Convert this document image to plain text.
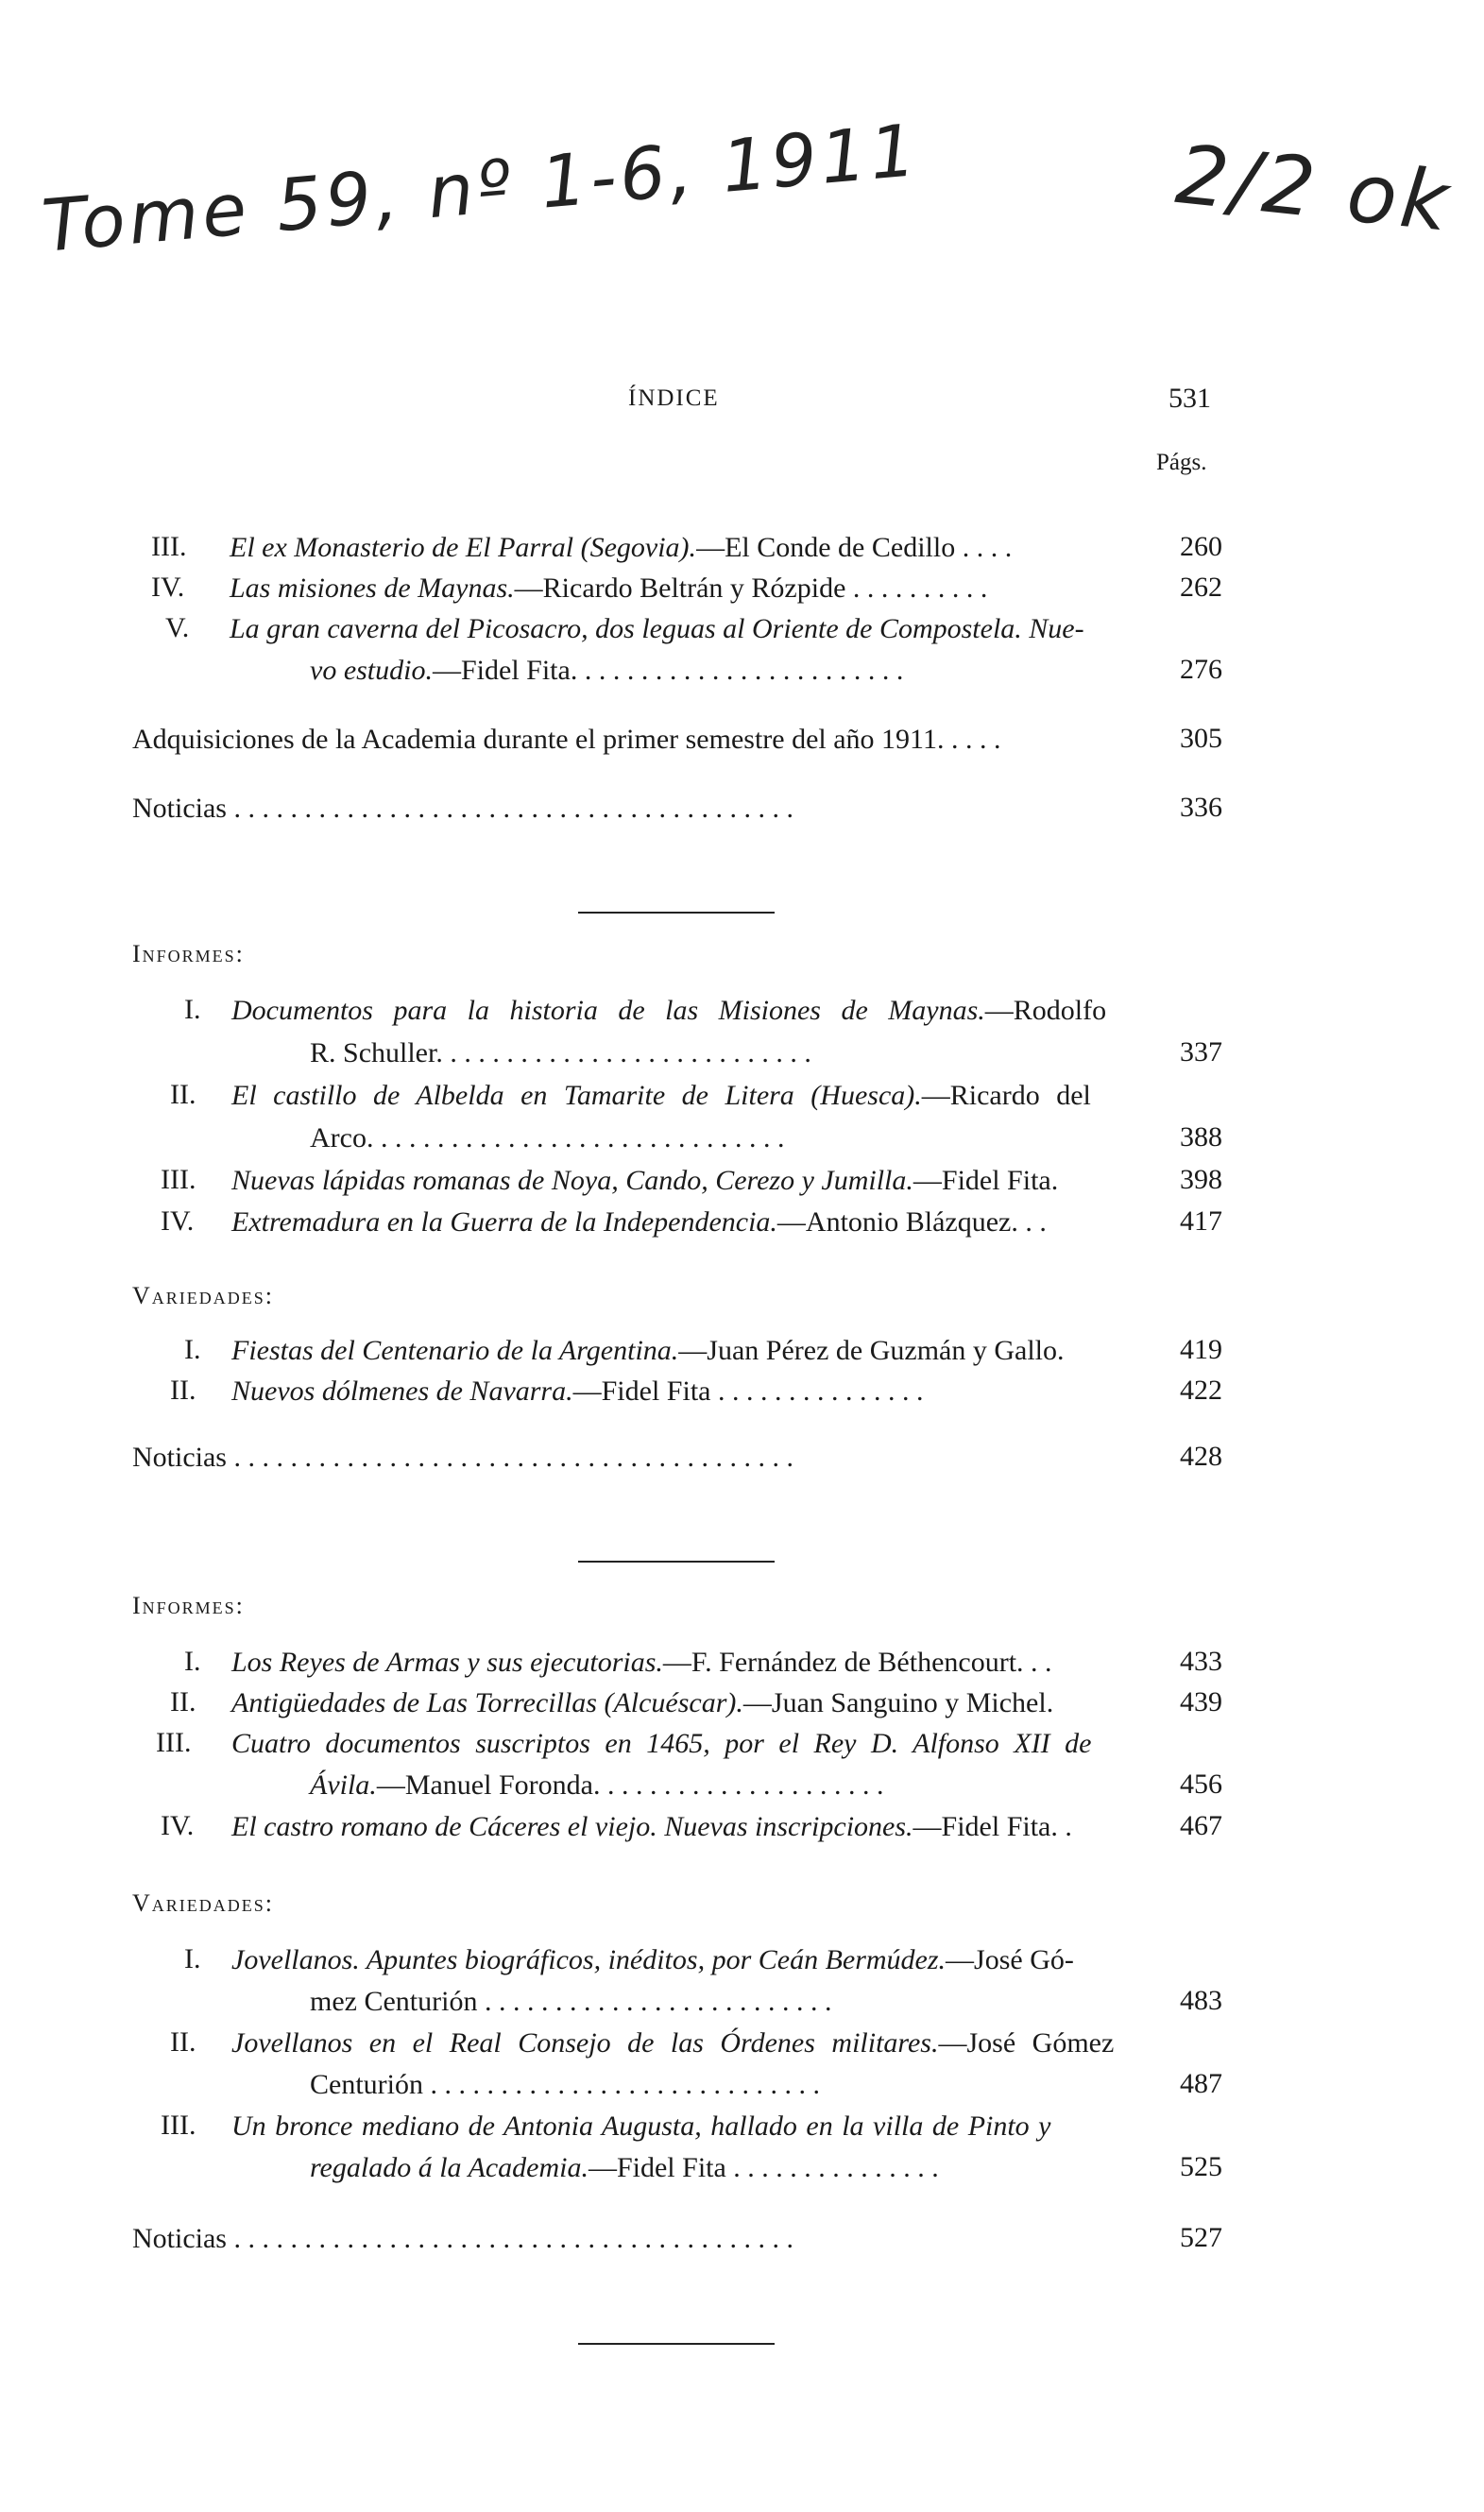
Tome 59, nº 1-6, 1911	2/2 ok
ÍNDICE	531
Págs.
III. El ex Monasterio de El Parral (Segovia).—El Conde de Cedillo . . . .	260
IV. Las misiones de Maynas.—Ricardo Beltrán y Rózpide . . . . . . . . . .	262
V. La gran caverna del Picosacro, dos leguas al Oriente de Compostela. Nue-
vo estudio.—Fidel Fita. . . . . . . . . . . . . . . . . . . . . . . .	276
Adquisiciones de la Academia durante el primer semestre del año 1911. . . . .	305
Noticias . . . . . . . . . . . . . . . . . . . . . . . . . . . . . . . . . . . . . . . .	336
Informes:
I. Documentos para la historia de las Misiones de Maynas.—Rodolfo
R. Schuller. . . . . . . . . . . . . . . . . . . . . . . . . . .	337
II. El castillo de Albelda en Tamarite de Litera (Huesca).—Ricardo del
Arco. . . . . . . . . . . . . . . . . . . . . . . . . . . . . .	388
III. Nuevas lápidas romanas de Noya, Cando, Cerezo y Jumilla.—Fidel Fita.	398
IV. Extremadura en la Guerra de la Independencia.—Antonio Blázquez. . .	417
Variedades:
I. Fiestas del Centenario de la Argentina.—Juan Pérez de Guzmán y Gallo.	419
II. Nuevos dólmenes de Navarra.—Fidel Fita . . . . . . . . . . . . . . .	422
Noticias . . . . . . . . . . . . . . . . . . . . . . . . . . . . . . . . . . . . . . . .	428
Informes:
I. Los Reyes de Armas y sus ejecutorias.—F. Fernández de Béthencourt. . .	433
II. Antigüedades de Las Torrecillas (Alcuéscar).—Juan Sanguino y Michel.	439
III. Cuatro documentos suscriptos en 1465, por el Rey D. Alfonso XII de
Ávila.—Manuel Foronda. . . . . . . . . . . . . . . . . . . . .	456
IV. El castro romano de Cáceres el viejo. Nuevas inscripciones.—Fidel Fita. .	467
Variedades:
I. Jovellanos. Apuntes biográficos, inéditos, por Ceán Bermúdez.—José Gó-
mez Centurión . . . . . . . . . . . . . . . . . . . . . . . . .	483
II. Jovellanos en el Real Consejo de las Órdenes militares.—José Gómez
Centurión . . . . . . . . . . . . . . . . . . . . . . . . . . . .	487
III. Un bronce mediano de Antonia Augusta, hallado en la villa de Pinto y
regalado á la Academia.—Fidel Fita . . . . . . . . . . . . . . .	525
Noticias . . . . . . . . . . . . . . . . . . . . . . . . . . . . . . . . . . . . . . . .	527
